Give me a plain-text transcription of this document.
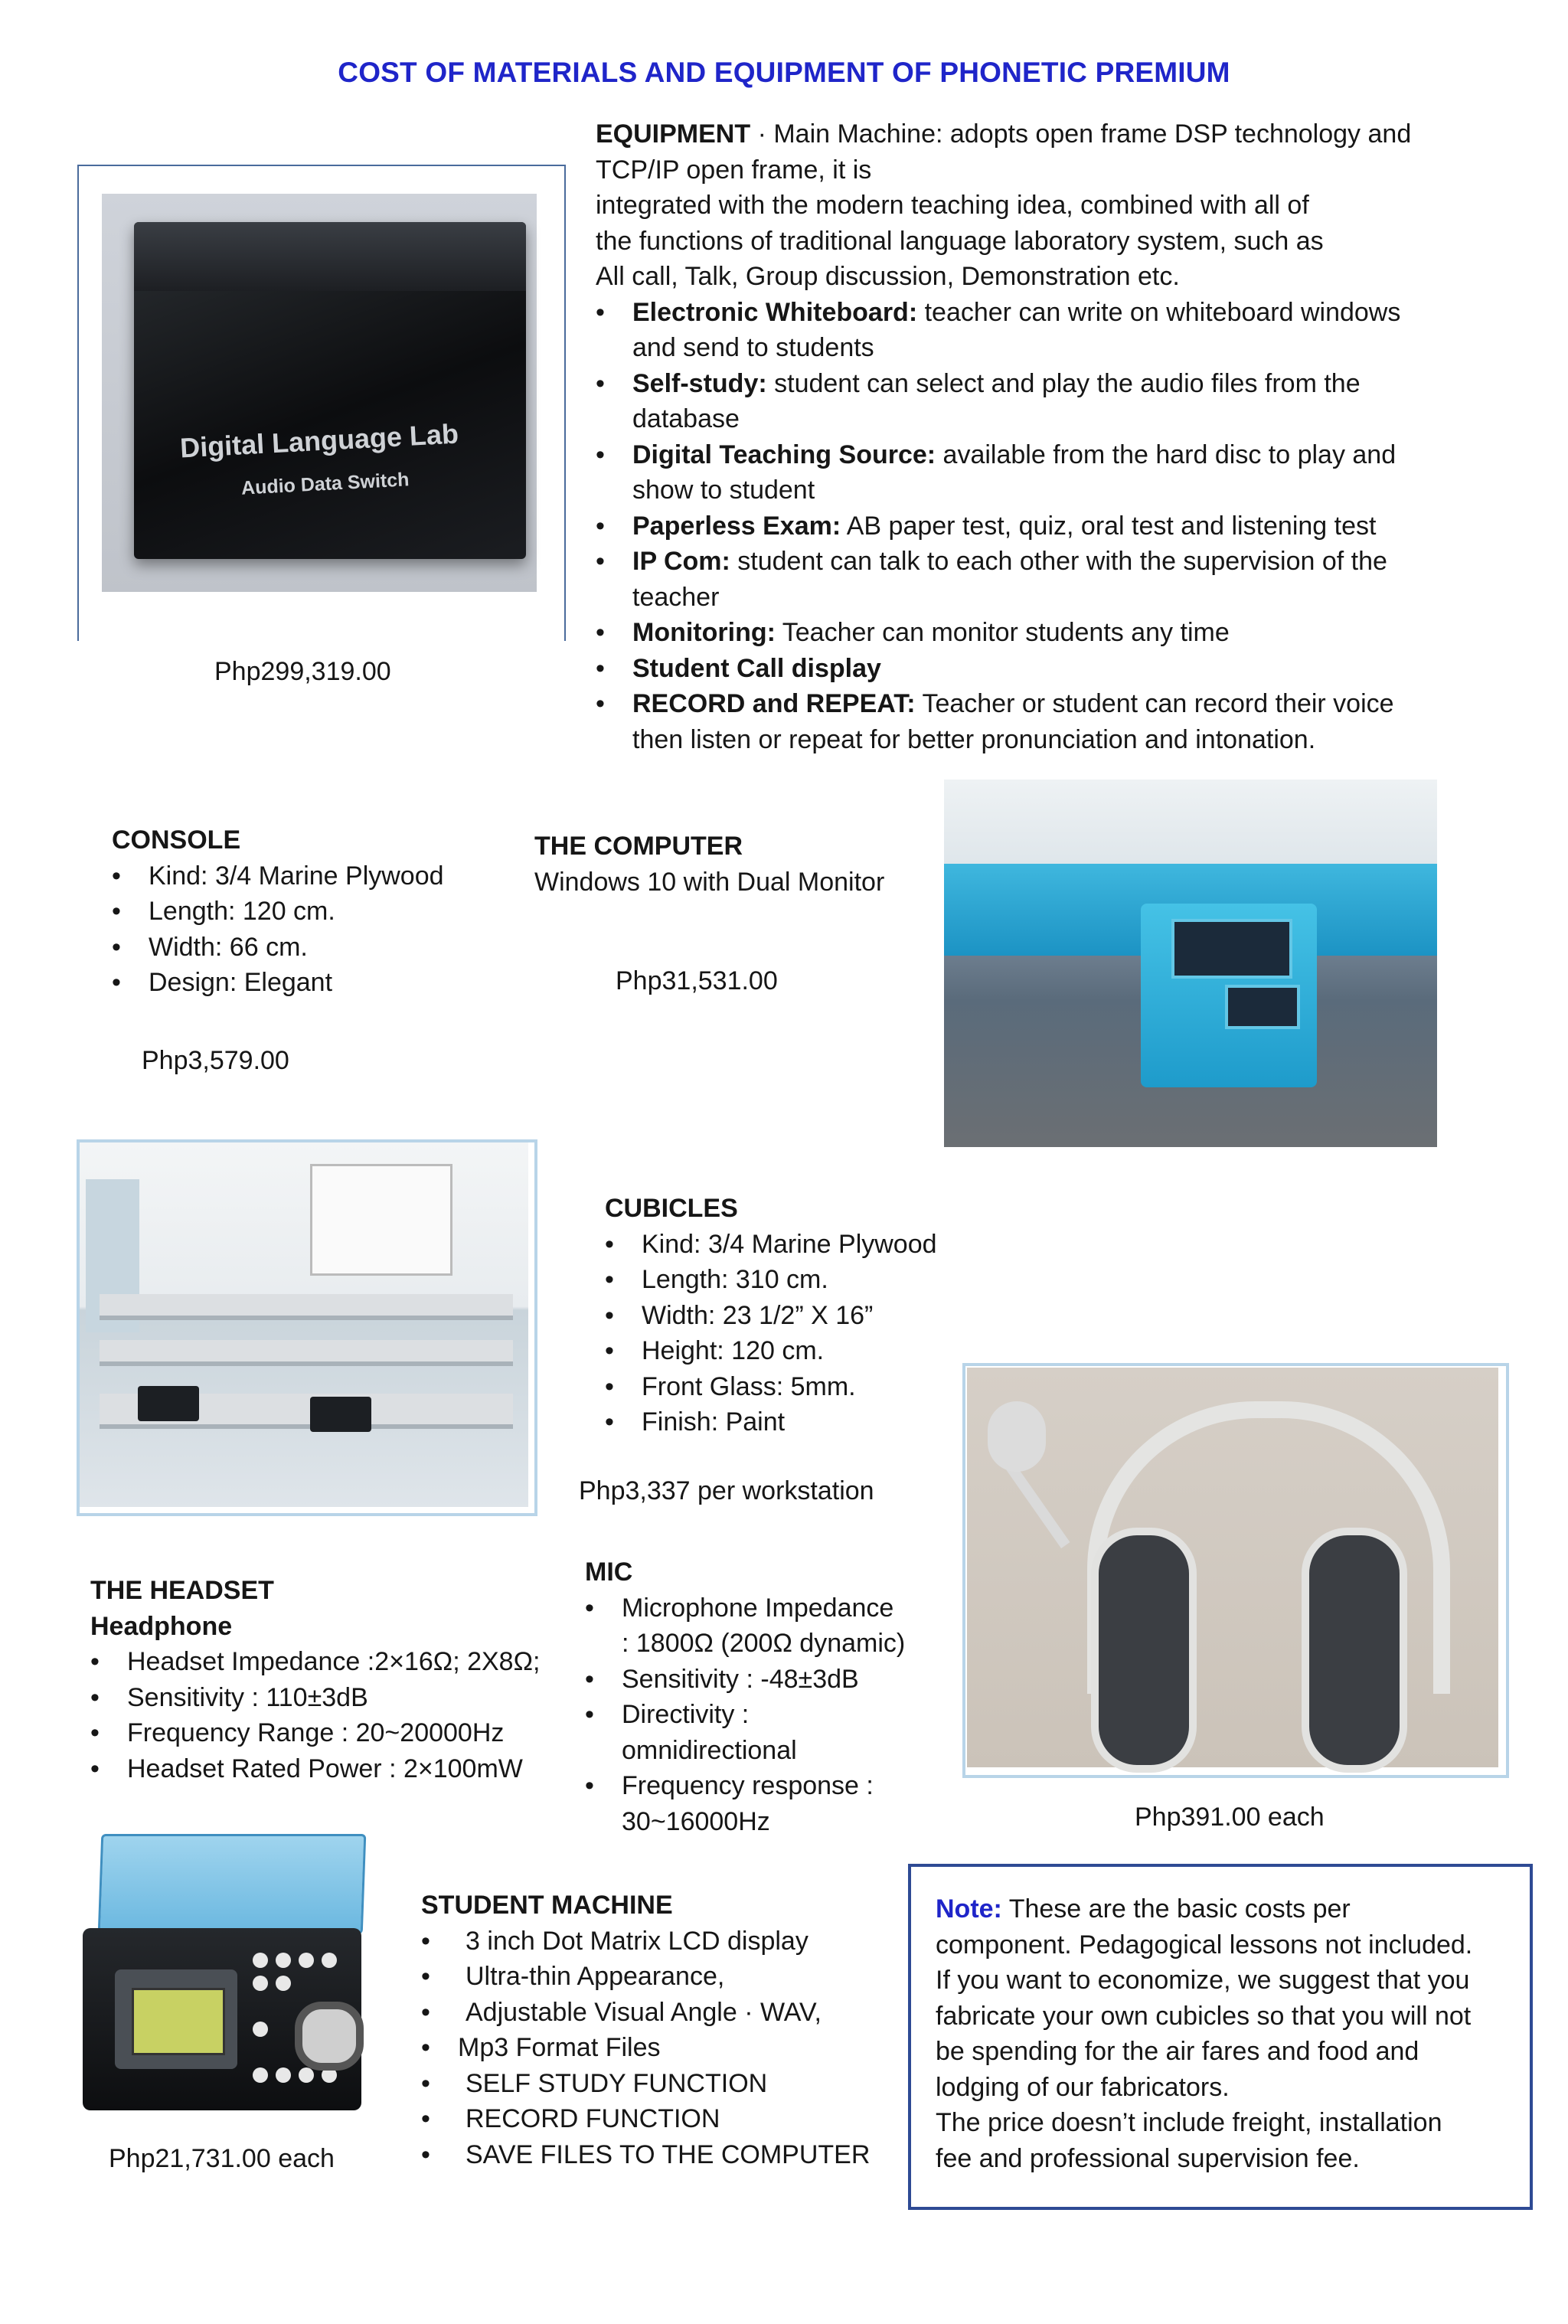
COST OF MATERIALS AND EQUIPMENT OF PHONETIC PREMIUM
Digital Language Lab
Audio Data Switch
Php299,319.00
EQUIPMENT · Main Machine: adopts open frame DSP technology and
TCP/IP open frame, it is
integrated with the modern teaching idea, combined with all of
the functions of traditional language laboratory system, such as
All call, Talk, Group discussion, Demonstration etc.
• Electronic Whiteboard: teacher can write on whiteboard windows and send to students
• Self-study: student can select and play the audio files from the database
• Digital Teaching Source: available from the hard disc to play and show to student
• Paperless Exam: AB paper test, quiz, oral test and listening test
• IP Com: student can talk to each other with the supervision of the teacher
• Monitoring: Teacher can monitor students any time
• Student Call display
• RECORD and REPEAT: Teacher or student can record their voice then listen or repeat for better pronunciation and intonation.
CONSOLE
• Kind: 3/4 Marine Plywood
• Length: 120 cm.
• Width: 66 cm.
• Design: Elegant
Php3,579.00
THE COMPUTER
Windows 10 with Dual Monitor
Php31,531.00
CUBICLES
• Kind: 3/4 Marine Plywood
• Length: 310 cm.
• Width: 23 1/2” X 16”
• Height: 120 cm.
• Front Glass: 5mm.
• Finish: Paint
Php3,337 per workstation
THE HEADSET
Headphone
• Headset Impedance :2×16Ω; 2X8Ω;
• Sensitivity : 110±3dB
• Frequency Range : 20~20000Hz
• Headset Rated Power : 2×100mW
MIC
• Microphone Impedance
: 1800Ω (200Ω dynamic)
• Sensitivity : -48±3dB
• Directivity :
omnidirectional
• Frequency response :
30~16000Hz	Php391.00 each
Php21,731.00 each
STUDENT MACHINE
• 3 inch Dot Matrix LCD display
• Ultra-thin Appearance,
• Adjustable Visual Angle · WAV,
• Mp3 Format Files
• SELF STUDY FUNCTION
• RECORD FUNCTION
• SAVE FILES TO THE COMPUTER
Note: These are the basic costs per
component. Pedagogical lessons not included.
If you want to economize, we suggest that you
fabricate your own cubicles so that you will not
be spending for the air fares and food and
lodging of our fabricators.
The price doesn’t include freight, installation
fee and professional supervision fee.
